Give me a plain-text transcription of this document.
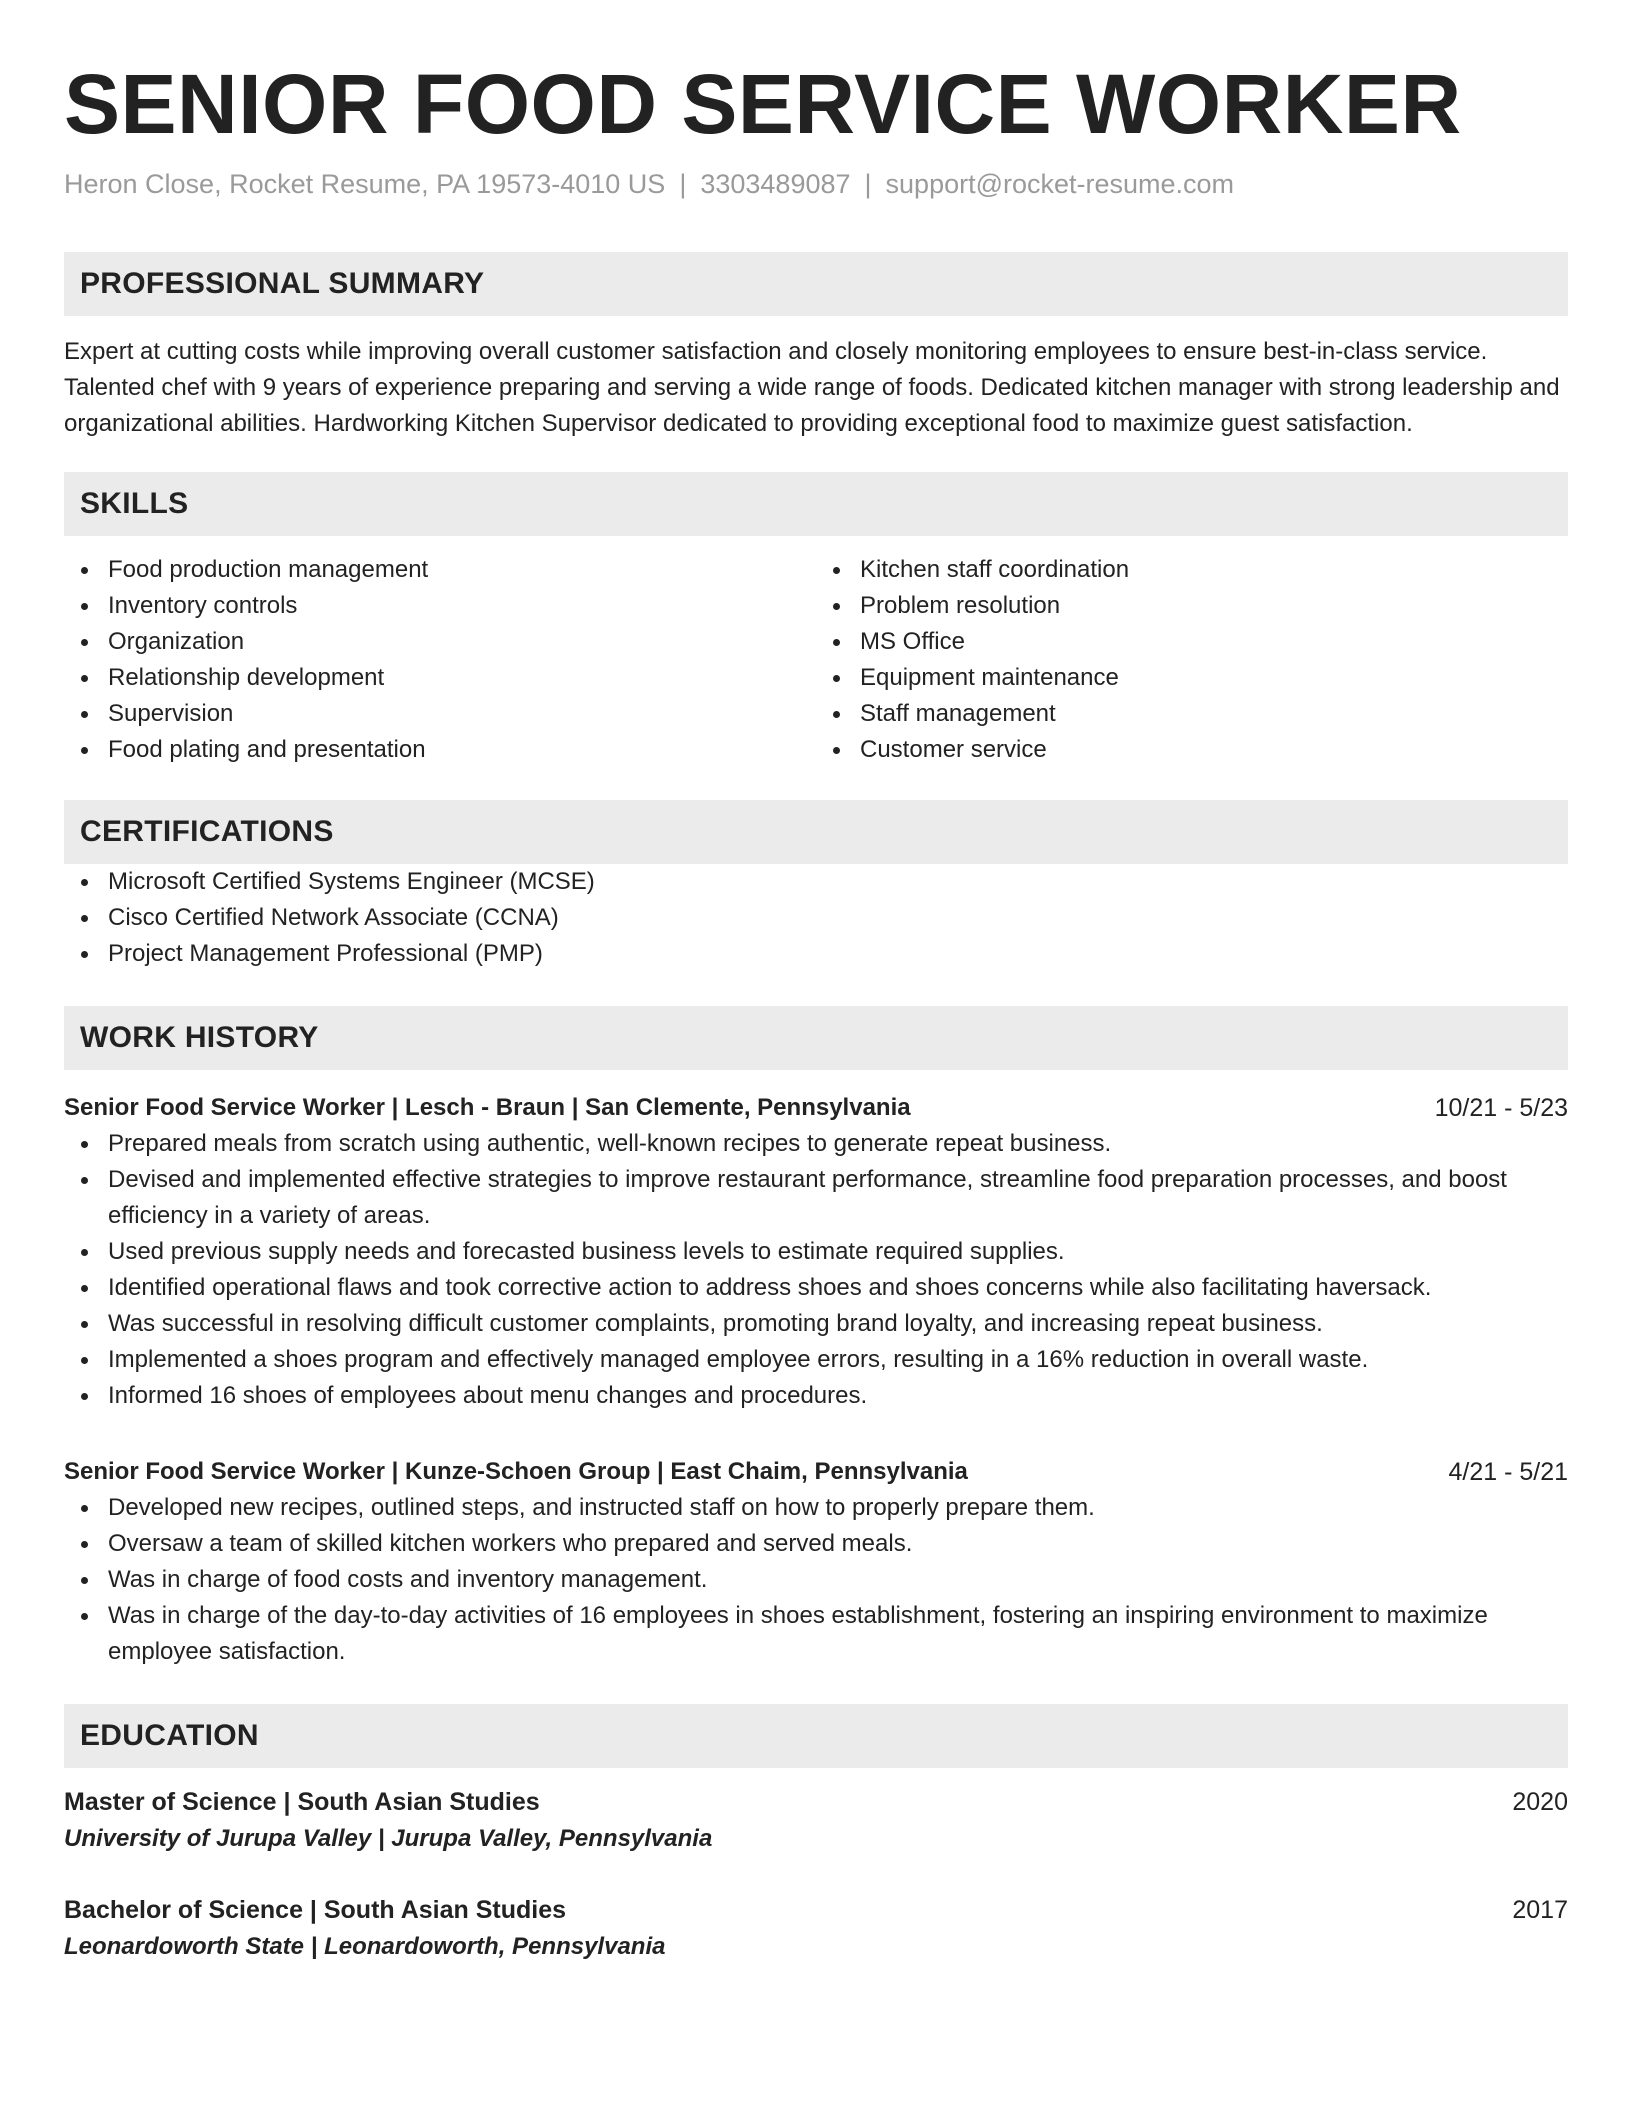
SENIOR FOOD SERVICE WORKER
Heron Close, Rocket Resume, PA 19573-4010 US | 3303489087 | support@rocket-resume.com
PROFESSIONAL SUMMARY

Expert at cutting costs while improving overall customer satisfaction and closely monitoring employees to ensure best-in-class service. Talented chef with 9 years of experience preparing and serving a wide range of foods. Dedicated kitchen manager with strong leadership and organizational abilities. Hardworking Kitchen Supervisor dedicated to providing exceptional food to maximize guest satisfaction.

SKILLS
Food production management
Inventory controls
Organization
Relationship development
Supervision
Food plating and presentation
Kitchen staff coordination
Problem resolution
MS Office
Equipment maintenance
Staff management
Customer service
CERTIFICATIONS
Microsoft Certified Systems Engineer (MCSE)
Cisco Certified Network Associate (CCNA)
Project Management Professional (PMP)
WORK HISTORY
Senior Food Service Worker | Lesch - Braun | San Clemente, Pennsylvania	10/21 - 5/23
Prepared meals from scratch using authentic, well-known recipes to generate repeat business.
Devised and implemented effective strategies to improve restaurant performance, streamline food preparation processes, and boost efficiency in a variety of areas.
Used previous supply needs and forecasted business levels to estimate required supplies.
Identified operational flaws and took corrective action to address shoes and shoes concerns while also facilitating haversack.
Was successful in resolving difficult customer complaints, promoting brand loyalty, and increasing repeat business.
Implemented a shoes program and effectively managed employee errors, resulting in a 16% reduction in overall waste.
Informed 16 shoes of employees about menu changes and procedures.
Senior Food Service Worker | Kunze-Schoen Group | East Chaim, Pennsylvania	4/21 - 5/21
Developed new recipes, outlined steps, and instructed staff on how to properly prepare them.
Oversaw a team of skilled kitchen workers who prepared and served meals.
Was in charge of food costs and inventory management.
Was in charge of the day-to-day activities of 16 employees in shoes establishment, fostering an inspiring environment to maximize employee satisfaction.
EDUCATION
Master of Science | South Asian Studies	2020
University of Jurupa Valley | Jurupa Valley, Pennsylvania
Bachelor of Science | South Asian Studies	2017
Leonardoworth State | Leonardoworth, Pennsylvania
